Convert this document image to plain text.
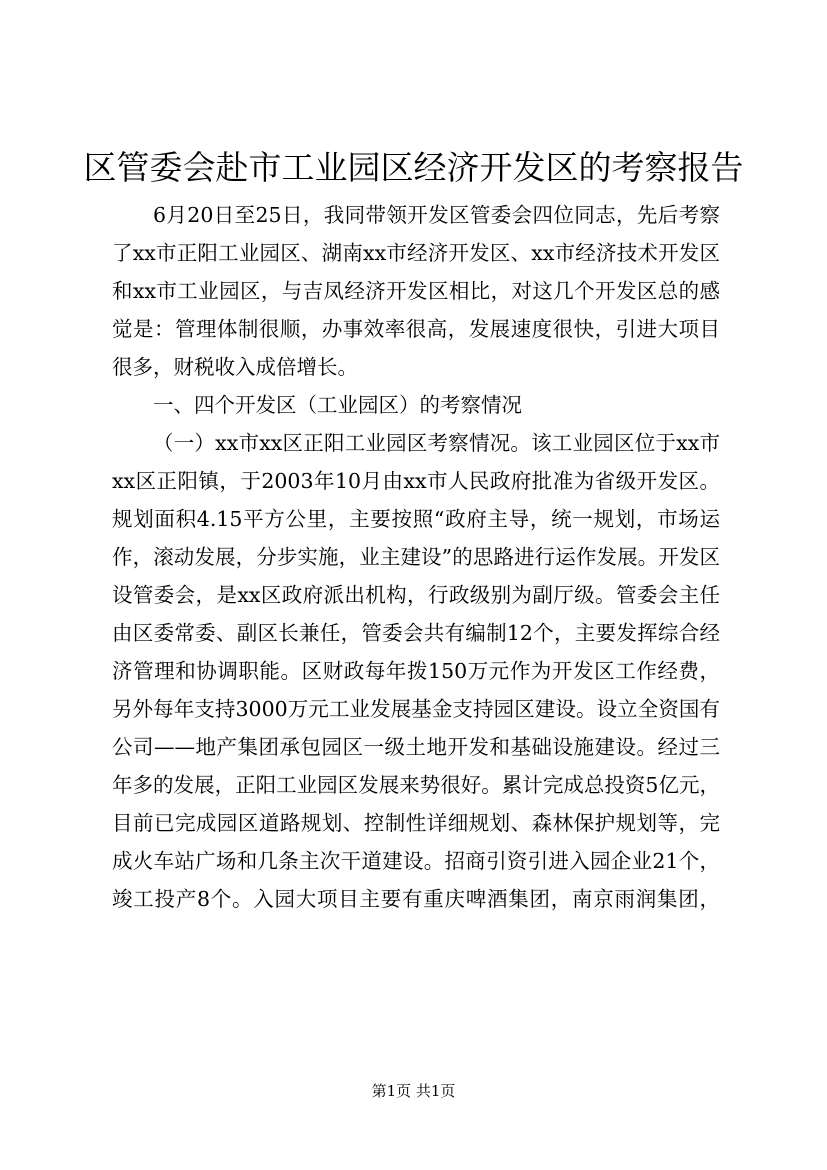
区管委会赴市工业园区经济开发区的考察报告

6月20日至25日，我同带领开发区管委会四位同志，先后考察了xx市正阳工业园区、湖南xx市经济开发区、xx市经济技术开发区和xx市工业园区，与吉凤经济开发区相比，对这几个开发区总的感觉是：管理体制很顺，办事效率很高，发展速度很快，引进大项目很多，财税收入成倍增长。

一、四个开发区（工业园区）的考察情况

（一）xx市xx区正阳工业园区考察情况。该工业园区位于xx市xx区正阳镇，于2003年10月由xx市人民政府批准为省级开发区。规划面积4.15平方公里，主要按照“政府主导，统一规划，市场运作，滚动发展，分步实施，业主建设”的思路进行运作发展。开发区设管委会，是xx区政府派出机构，行政级别为副厅级。管委会主任由区委常委、副区长兼任，管委会共有编制12个，主要发挥综合经济管理和协调职能。区财政每年拨150万元作为开发区工作经费，另外每年支持3000万元工业发展基金支持园区建设。设立全资国有公司——地产集团承包园区一级土地开发和基础设施建设。经过三年多的发展，正阳工业园区发展来势很好。累计完成总投资5亿元，目前已完成园区道路规划、控制性详细规划、森林保护规划等，完成火车站广场和几条主次干道建设。招商引资引进入园企业21个，竣工投产8个。入园大项目主要有重庆啤酒集团，南京雨润集团，

第1页 共1页
